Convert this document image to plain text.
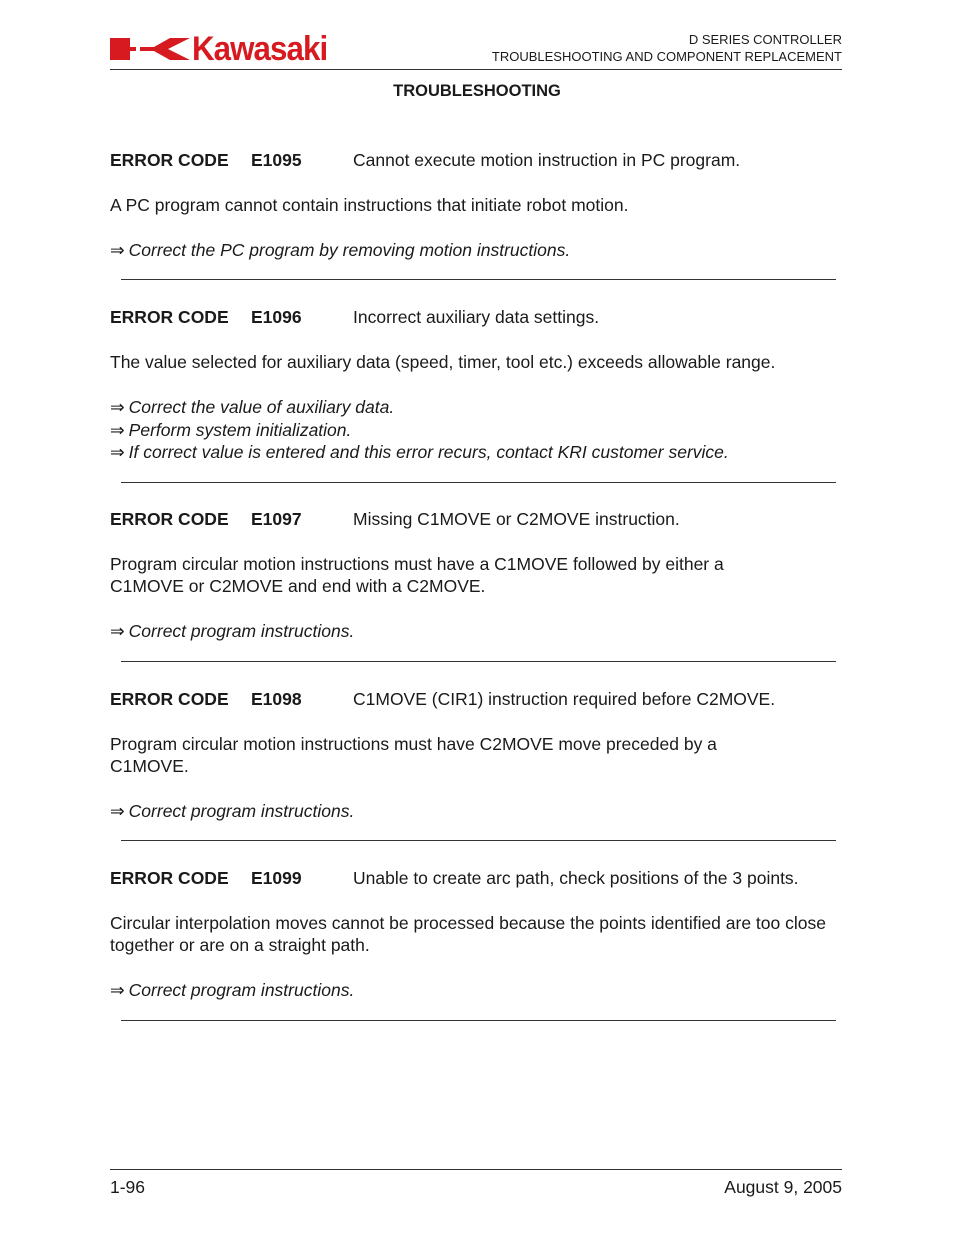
Kawasaki	D SERIES CONTROLLER
TROUBLESHOOTING AND COMPONENT REPLACEMENT
TROUBLESHOOTING
ERROR CODE E1095	Cannot execute motion instruction in PC program.
A PC program cannot contain instructions that initiate robot motion.
⇒ Correct the PC program by removing motion instructions.
ERROR CODE E1096	Incorrect auxiliary data settings.
The value selected for auxiliary data (speed, timer, tool etc.) exceeds allowable range.
⇒ Correct the value of auxiliary data.
⇒ Perform system initialization.
⇒ If correct value is entered and this error recurs, contact KRI customer service.
ERROR CODE E1097	Missing C1MOVE or C2MOVE instruction.
Program circular motion instructions must have a C1MOVE followed by either a C1MOVE or C2MOVE and end with a C2MOVE.
⇒ Correct program instructions.
ERROR CODE E1098	C1MOVE (CIR1) instruction required before C2MOVE.
Program circular motion instructions must have C2MOVE move preceded by a C1MOVE.
⇒ Correct program instructions.
ERROR CODE E1099	Unable to create arc path, check positions of the 3 points.
Circular interpolation moves cannot be processed because the points identified are too close together or are on a straight path.
⇒ Correct program instructions.
1-96	August 9, 2005
